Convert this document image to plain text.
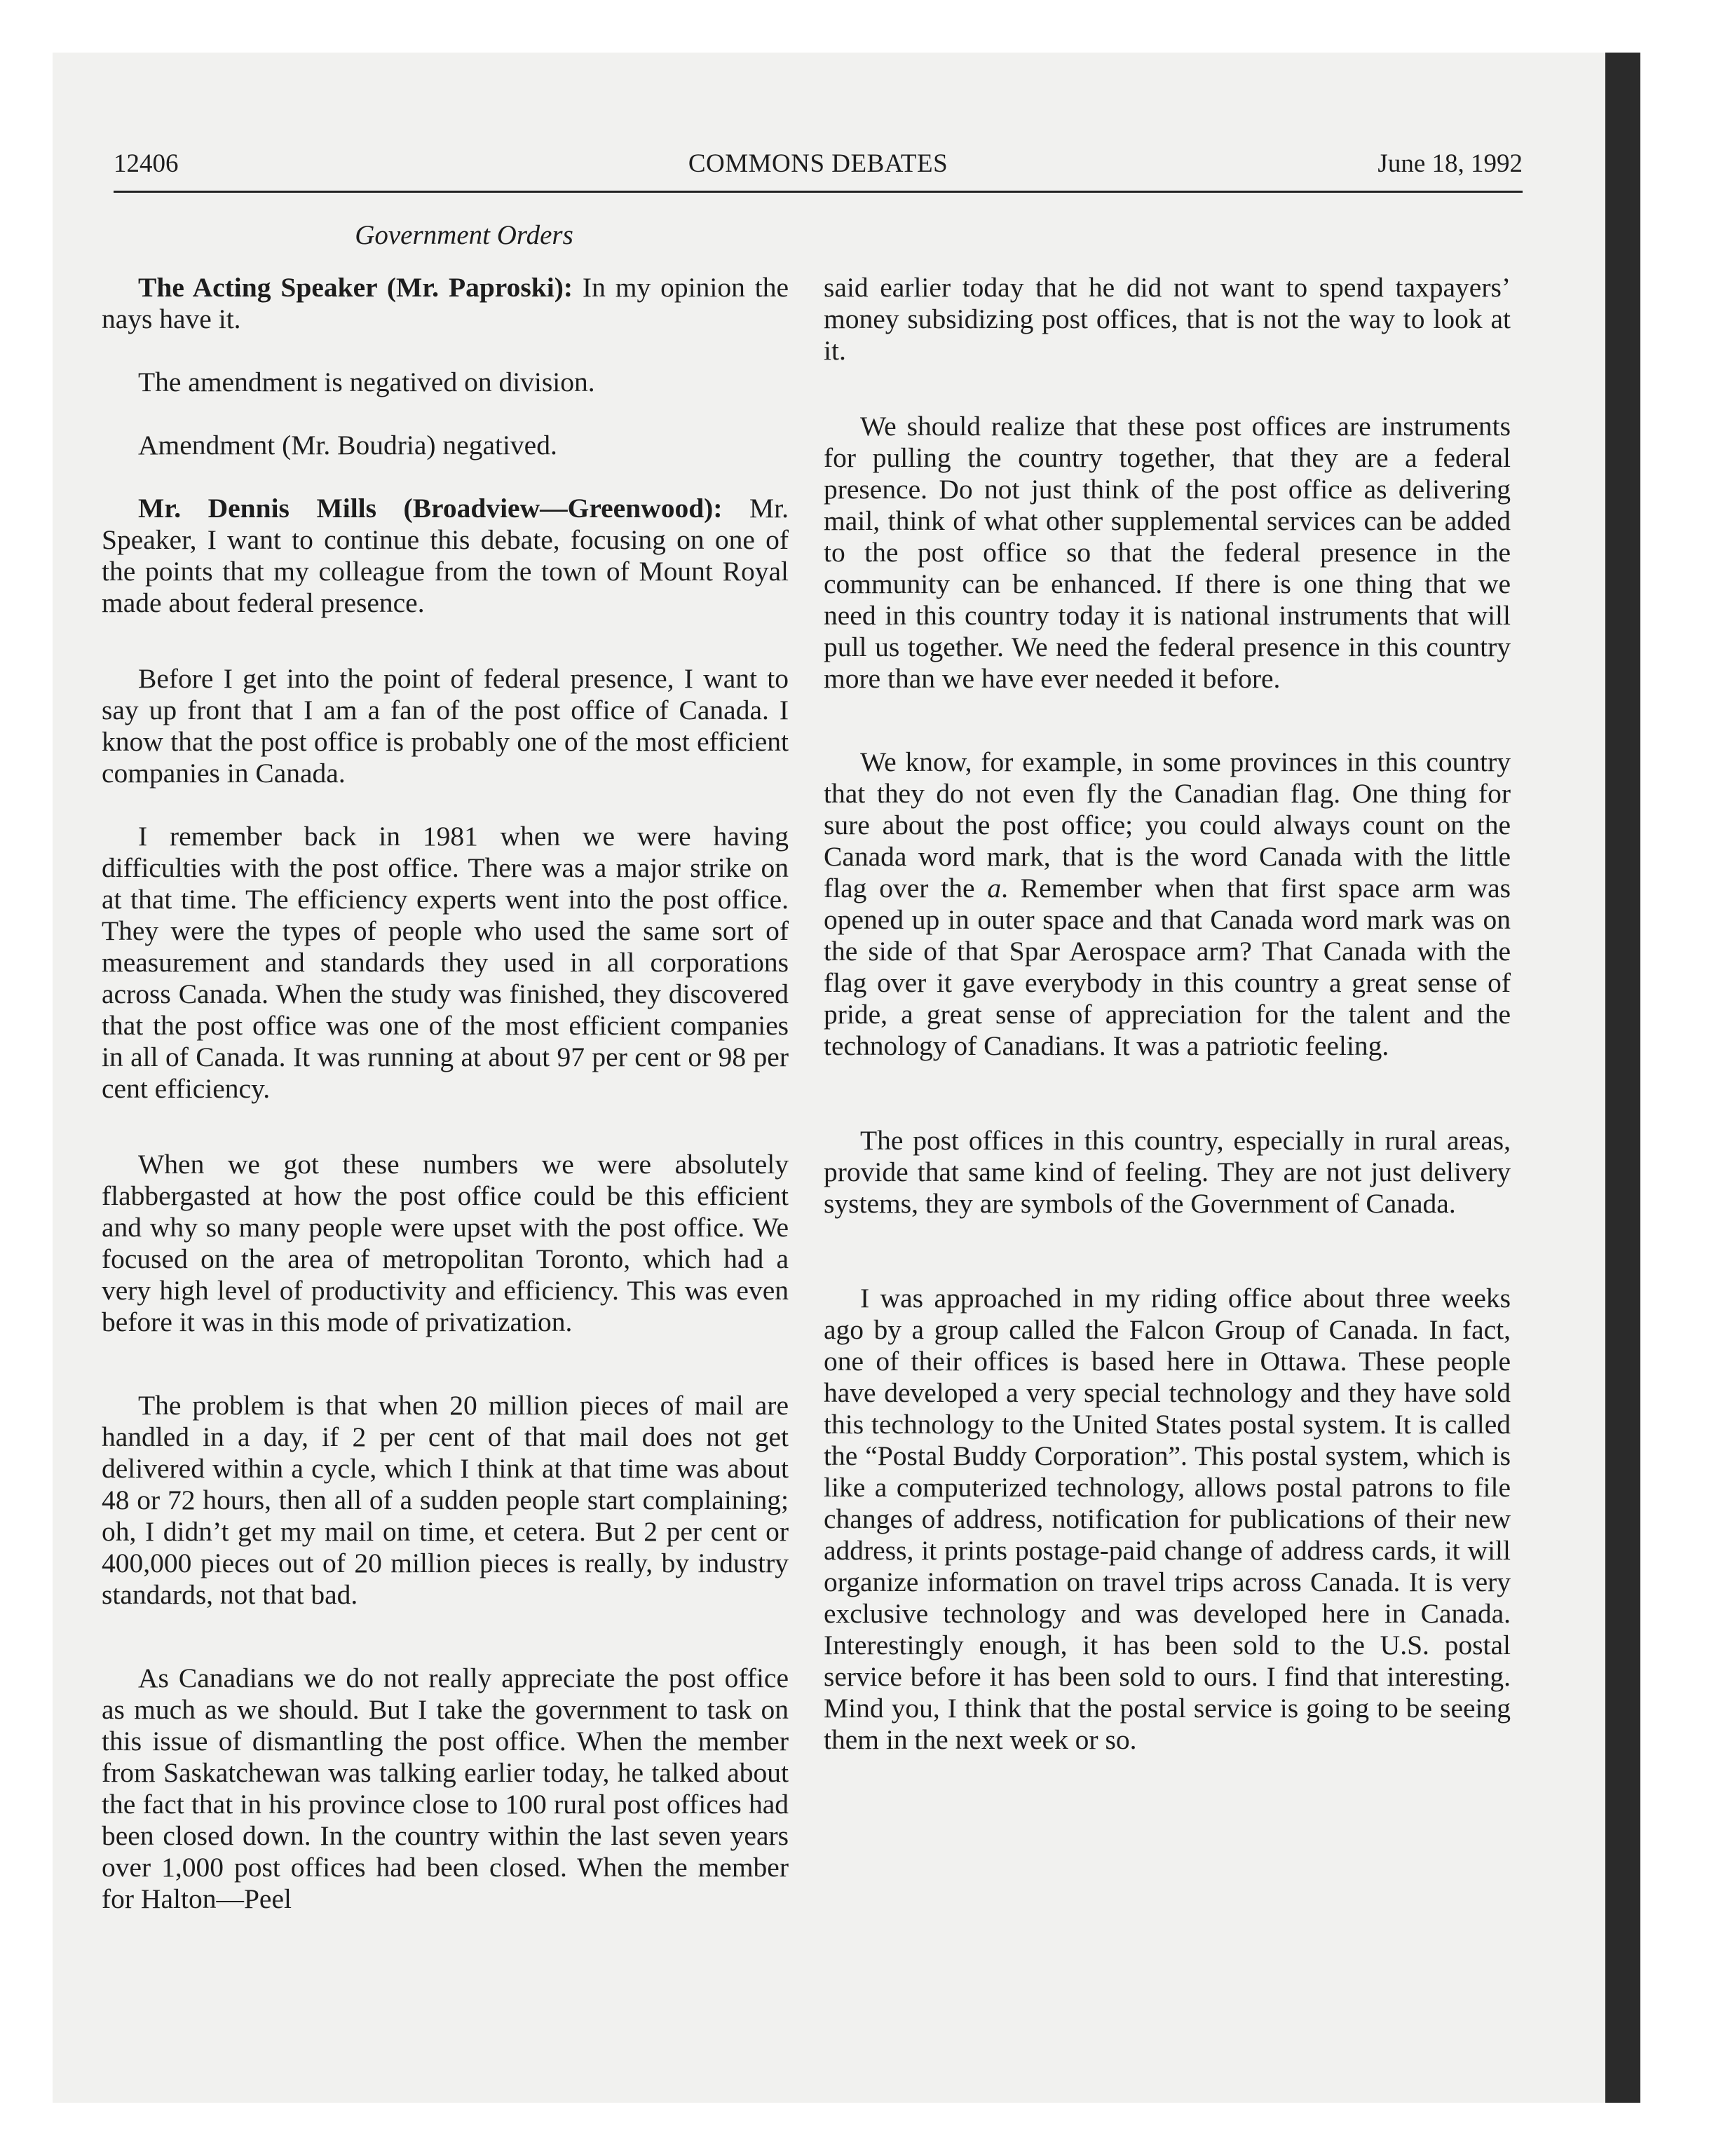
COMMONS DEBATES
12406	June 18, 1992
Government Orders

The Acting Speaker (Mr. Paproski): In my opinion the nays have it.

The amendment is negatived on division.

Amendment (Mr. Boudria) negatived.

Mr. Dennis Mills (Broadview—Greenwood): Mr. Speaker, I want to continue this debate, focusing on one of the points that my colleague from the town of Mount Royal made about federal presence.

Before I get into the point of federal presence, I want to say up front that I am a fan of the post office of Canada. I know that the post office is probably one of the most efficient companies in Canada.

I remember back in 1981 when we were having difficulties with the post office. There was a major strike on at that time. The efficiency experts went into the post office. They were the types of people who used the same sort of measurement and standards they used in all corporations across Canada. When the study was finished, they discovered that the post office was one of the most efficient companies in all of Canada. It was running at about 97 per cent or 98 per cent efficiency.

When we got these numbers we were absolutely flabbergasted at how the post office could be this efficient and why so many people were upset with the post office. We focused on the area of metropolitan Toronto, which had a very high level of productivity and efficiency. This was even before it was in this mode of privatization.

The problem is that when 20 million pieces of mail are handled in a day, if 2 per cent of that mail does not get delivered within a cycle, which I think at that time was about 48 or 72 hours, then all of a sudden people start complaining; oh, I didn’t get my mail on time, et cetera. But 2 per cent or 400,000 pieces out of 20 million pieces is really, by industry standards, not that bad.

As Canadians we do not really appreciate the post office as much as we should. But I take the government to task on this issue of dismantling the post office. When the member from Saskatchewan was talking earlier today, he talked about the fact that in his province close to 100 rural post offices had been closed down. In the country within the last seven years over 1,000 post offices had been closed. When the member for Halton—Peel

said earlier today that he did not want to spend taxpayers’ money subsidizing post offices, that is not the way to look at it.

We should realize that these post offices are instruments for pulling the country together, that they are a federal presence. Do not just think of the post office as delivering mail, think of what other supplemental services can be added to the post office so that the federal presence in the community can be enhanced. If there is one thing that we need in this country today it is national instruments that will pull us together. We need the federal presence in this country more than we have ever needed it before.

We know, for example, in some provinces in this country that they do not even fly the Canadian flag. One thing for sure about the post office; you could always count on the Canada word mark, that is the word Canada with the little flag over the a. Remember when that first space arm was opened up in outer space and that Canada word mark was on the side of that Spar Aerospace arm? That Canada with the flag over it gave everybody in this country a great sense of pride, a great sense of appreciation for the talent and the technology of Canadians. It was a patriotic feeling.

The post offices in this country, especially in rural areas, provide that same kind of feeling. They are not just delivery systems, they are symbols of the Government of Canada.

I was approached in my riding office about three weeks ago by a group called the Falcon Group of Canada. In fact, one of their offices is based here in Ottawa. These people have developed a very special technology and they have sold this technology to the United States postal system. It is called the “Postal Buddy Corporation”. This postal system, which is like a computerized technology, allows postal patrons to file changes of address, notification for publications of their new address, it prints postage-paid change of address cards, it will organize information on travel trips across Canada. It is very exclusive technology and was developed here in Canada. Interestingly enough, it has been sold to the U.S. postal service before it has been sold to ours. I find that interesting. Mind you, I think that the postal service is going to be seeing them in the next week or so.
